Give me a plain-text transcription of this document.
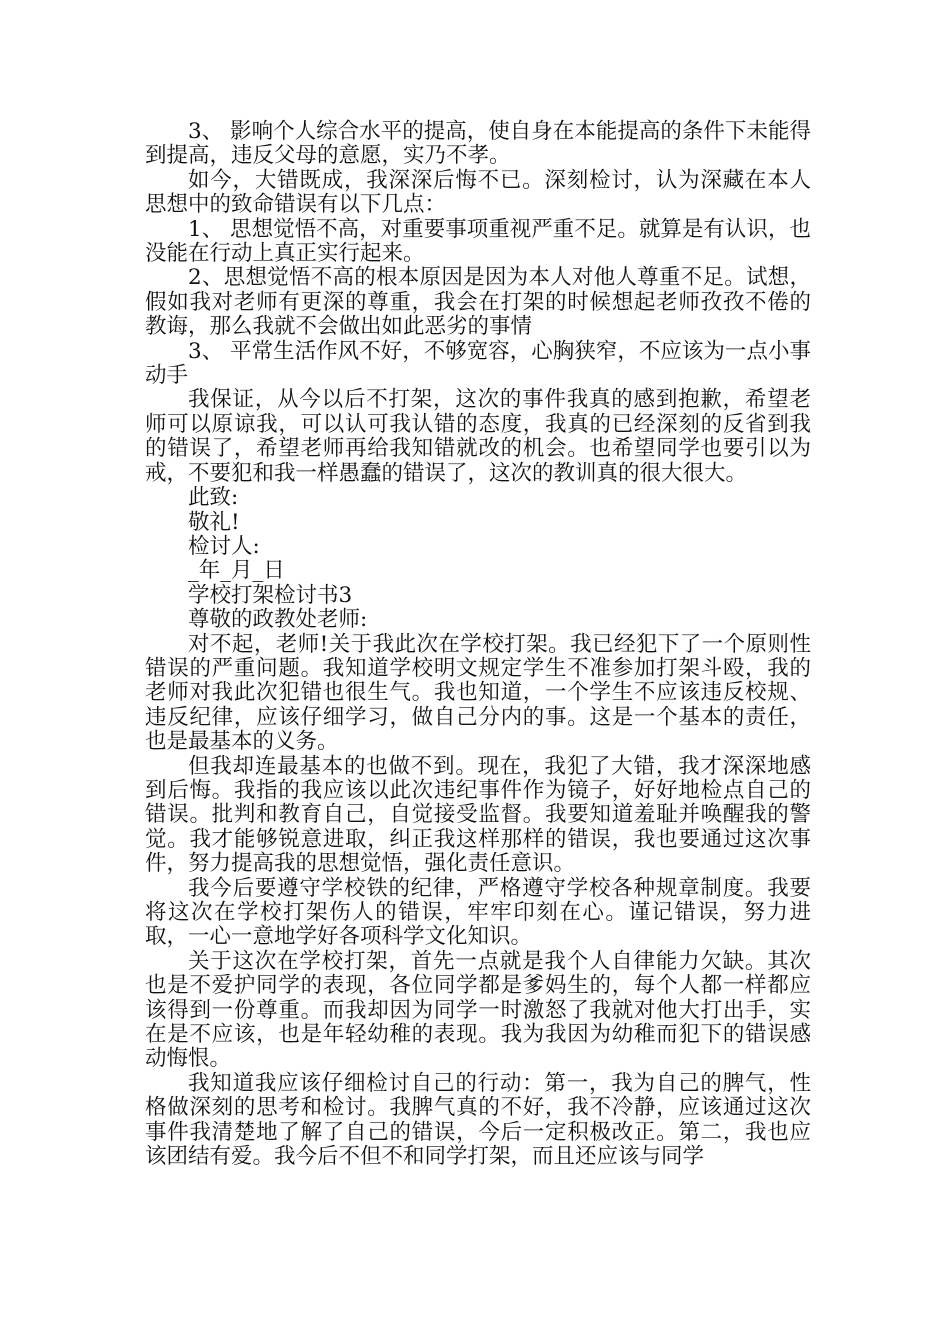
3、 影响个人综合水平的提高，使自身在本能提高的条件下未能得到提高，违反父母的意愿，实乃不孝。

如今，大错既成，我深深后悔不已。深刻检讨，认为深藏在本人思想中的致命错误有以下几点：

1、 思想觉悟不高，对重要事项重视严重不足。就算是有认识，也没能在行动上真正实行起来。

2、思想觉悟不高的根本原因是因为本人对他人尊重不足。试想，假如我对老师有更深的尊重，我会在打架的时候想起老师孜孜不倦的教诲，那么我就不会做出如此恶劣的事情

3、 平常生活作风不好，不够宽容，心胸狭窄，不应该为一点小事动手

我保证，从今以后不打架，这次的事件我真的感到抱歉，希望老师可以原谅我，可以认可我认错的态度，我真的已经深刻的反省到我的错误了，希望老师再给我知错就改的机会。也希望同学也要引以为戒，不要犯和我一样愚蠢的错误了，这次的教训真的很大很大。

此致:

敬礼!

检讨人:

_年_月_日

学校打架检讨书3

尊敬的政教处老师:

对不起，老师!关于我此次在学校打架。我已经犯下了一个原则性错误的严重问题。我知道学校明文规定学生不准参加打架斗殴，我的老师对我此次犯错也很生气。我也知道，一个学生不应该违反校规、违反纪律，应该仔细学习，做自己分内的事。这是一个基本的责任，也是最基本的义务。

但我却连最基本的也做不到。现在，我犯了大错，我才深深地感到后悔。我指的我应该以此次违纪事件作为镜子，好好地检点自己的错误。批判和教育自己，自觉接受监督。我要知道羞耻并唤醒我的警觉。我才能够锐意进取，纠正我这样那样的错误，我也要通过这次事件，努力提高我的思想觉悟，强化责任意识。

我今后要遵守学校铁的纪律，严格遵守学校各种规章制度。我要将这次在学校打架伤人的错误，牢牢印刻在心。谨记错误，努力进取，一心一意地学好各项科学文化知识。

关于这次在学校打架，首先一点就是我个人自律能力欠缺。其次也是不爱护同学的表现，各位同学都是爹妈生的，每个人都一样都应该得到一份尊重。而我却因为同学一时激怒了我就对他大打出手，实在是不应该，也是年轻幼稚的表现。我为我因为幼稚而犯下的错误感动悔恨。

我知道我应该仔细检讨自己的行动：第一，我为自己的脾气，性格做深刻的思考和检讨。我脾气真的不好，我不冷静，应该通过这次事件我清楚地了解了自己的错误，今后一定积极改正。第二，我也应该团结有爱。我今后不但不和同学打架，而且还应该与同学
